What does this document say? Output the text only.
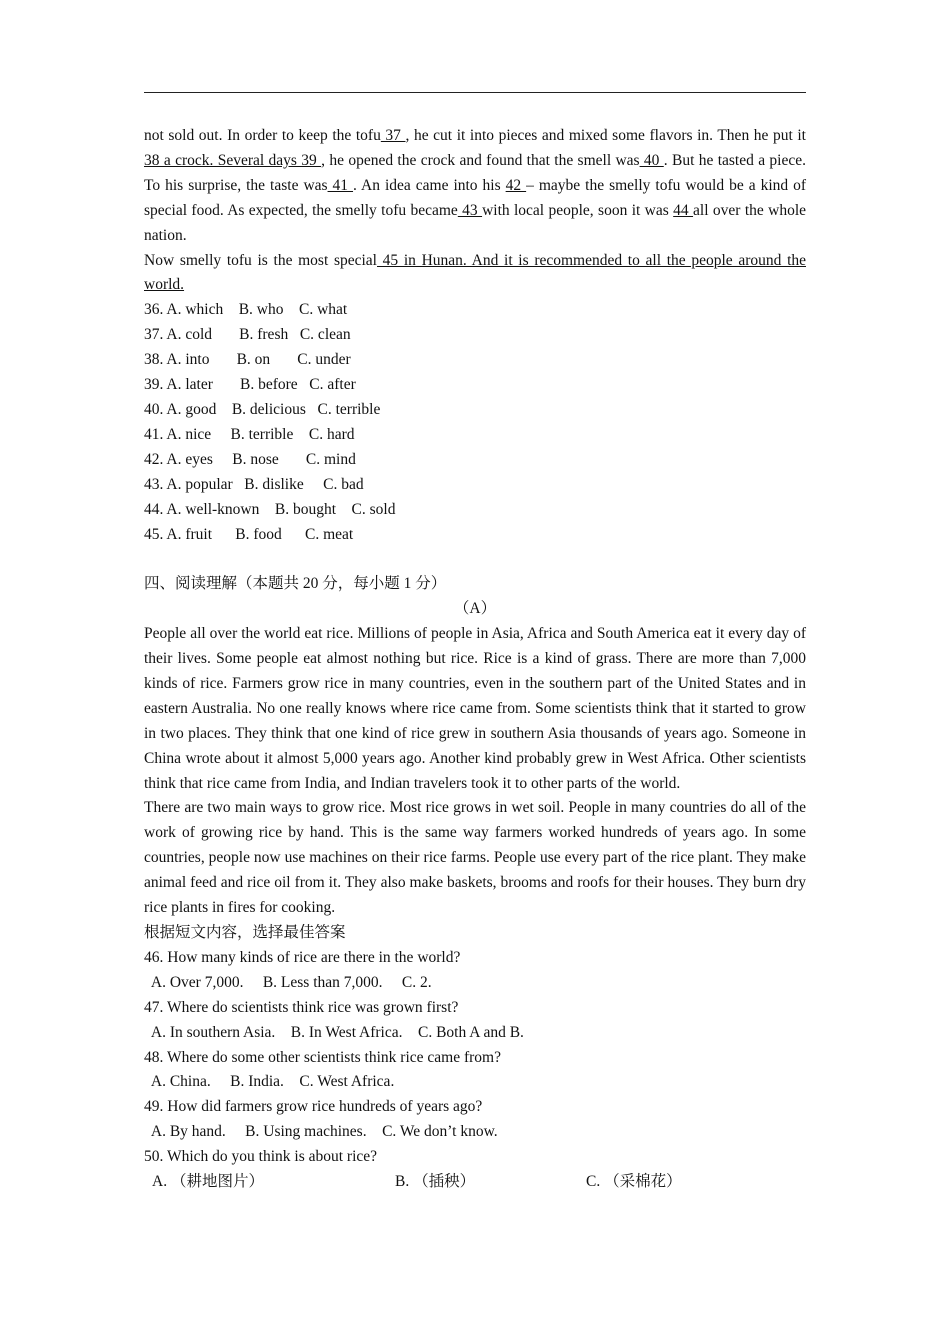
not sold out. In order to keep the tofu 37 , he cut it into pieces and mixed some flavors in. Then he put it 38 a crock. Several days 39 , he opened the crock and found that the smell was 40 . But he tasted a piece. To his surprise, the taste was 41 . An idea came into his 42 – maybe the smelly tofu would be a kind of special food. As expected, the smelly tofu became 43 with local people, soon it was 44 all over the whole nation.

Now smelly tofu is the most special 45 in Hunan. And it is recommended to all the people around the world.

36. A. which    B. who    C. what

37. A. cold       B. fresh   C. clean

38. A. into       B. on       C. under

39. A. later       B. before   C. after

40. A. good    B. delicious   C. terrible

41. A. nice     B. terrible    C. hard

42. A. eyes     B. nose       C. mind

43. A. popular   B. dislike     C. bad

44. A. well-known    B. bought    C. sold

45. A. fruit      B. food      C. meat

四、阅读理解（本题共 20 分，每小题 1 分）

（A）

People all over the world eat rice. Millions of people in Asia, Africa and South America eat it every day of their lives. Some people eat almost nothing but rice. Rice is a kind of grass. There are more than 7,000 kinds of rice. Farmers grow rice in many countries, even in the southern part of the United States and in eastern Australia. No one really knows where rice came from. Some scientists think that it started to grow in two places. They think that one kind of rice grew in southern Asia thousands of years ago. Someone in China wrote about it almost 5,000 years ago. Another kind probably grew in West Africa. Other scientists think that rice came from India, and Indian travelers took it to other parts of the world.

There are two main ways to grow rice. Most rice grows in wet soil. People in many countries do all of the work of growing rice by hand. This is the same way farmers worked hundreds of years ago. In some countries, people now use machines on their rice farms. People use every part of the rice plant. They make animal feed and rice oil from it. They also make baskets, brooms and roofs for their houses. They burn dry rice plants in fires for cooking.

根据短文内容，选择最佳答案

46. How many kinds of rice are there in the world?

A. Over 7,000.     B. Less than 7,000.     C. 2.

47. Where do scientists think rice was grown first?

A. In southern Asia.    B. In West Africa.    C. Both A and B.

48. Where do some other scientists think rice came from?

A. China.     B. India.    C. West Africa.

49. How did farmers grow rice hundreds of years ago?

A. By hand.     B. Using machines.    C. We don’t know.

50. Which do you think is about rice?

A. （耕地图片）	B. （插秧）	C. （采棉花）
